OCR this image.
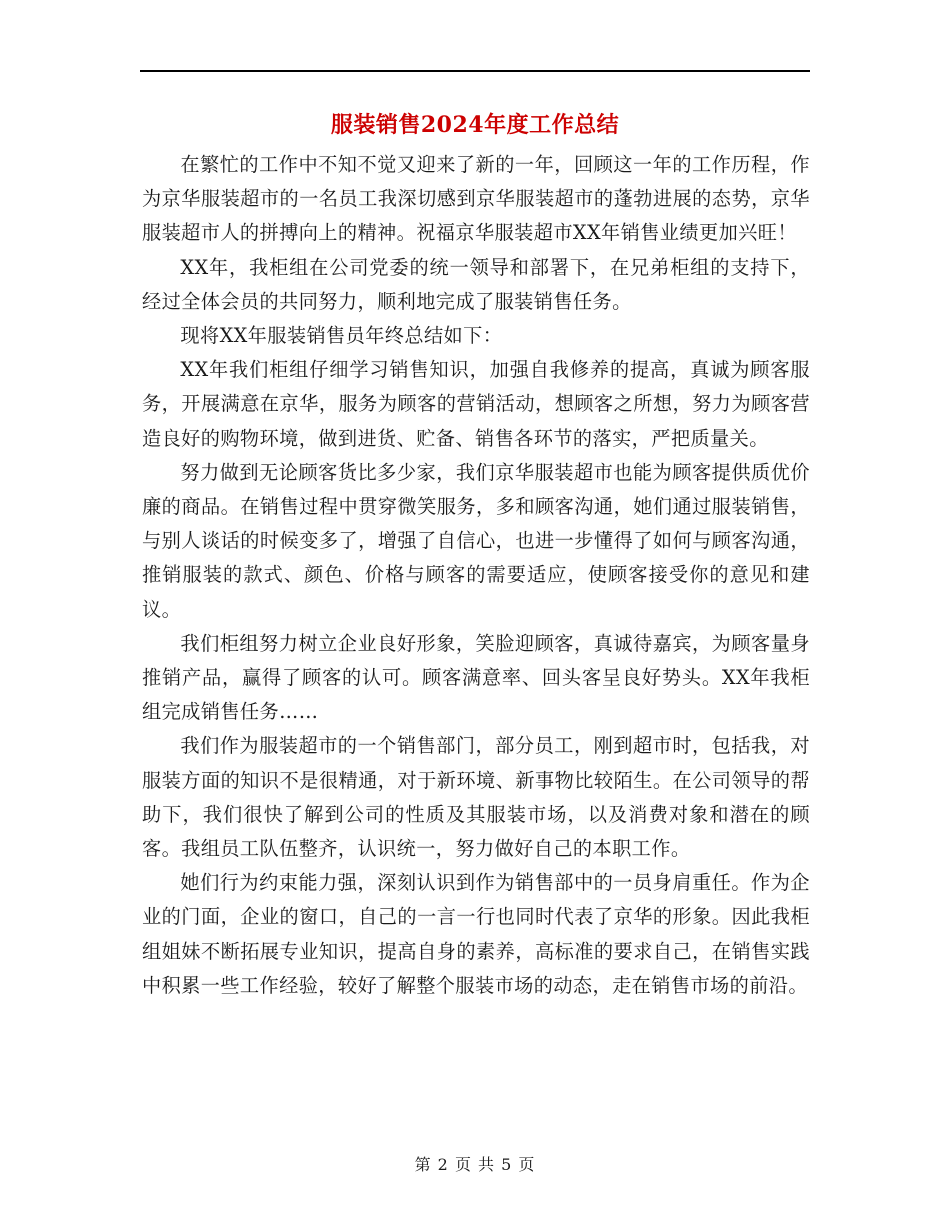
服装销售2024年度工作总结

在繁忙的工作中不知不觉又迎来了新的一年，回顾这一年的工作历程，作为京华服装超市的一名员工我深切感到京华服装超市的蓬勃进展的态势，京华服装超市人的拼搏向上的精神。祝福京华服装超市XX年销售业绩更加兴旺！

XX年，我柜组在公司党委的统一领导和部署下，在兄弟柜组的支持下，经过全体会员的共同努力，顺利地完成了服装销售任务。

现将XX年服装销售员年终总结如下：

XX年我们柜组仔细学习销售知识，加强自我修养的提高，真诚为顾客服务，开展满意在京华，服务为顾客的营销活动，想顾客之所想，努力为顾客营造良好的购物环境，做到进货、贮备、销售各环节的落实，严把质量关。

努力做到无论顾客货比多少家，我们京华服装超市也能为顾客提供质优价廉的商品。在销售过程中贯穿微笑服务，多和顾客沟通，她们通过服装销售，与别人谈话的时候变多了，增强了自信心，也进一步懂得了如何与顾客沟通，推销服装的款式、颜色、价格与顾客的需要适应，使顾客接受你的意见和建议。

我们柜组努力树立企业良好形象，笑脸迎顾客，真诚待嘉宾，为顾客量身推销产品，赢得了顾客的认可。顾客满意率、回头客呈良好势头。XX年我柜组完成销售任务……

我们作为服装超市的一个销售部门，部分员工，刚到超市时，包括我，对服装方面的知识不是很精通，对于新环境、新事物比较陌生。在公司领导的帮助下，我们很快了解到公司的性质及其服装市场，以及消费对象和潜在的顾客。我组员工队伍整齐，认识统一，努力做好自己的本职工作。

她们行为约束能力强，深刻认识到作为销售部中的一员身肩重任。作为企业的门面，企业的窗口，自己的一言一行也同时代表了京华的形象。因此我柜组姐妹不断拓展专业知识，提高自身的素养，高标准的要求自己，在销售实践中积累一些工作经验，较好了解整个服装市场的动态，走在销售市场的前沿。

第 2 页 共 5 页
